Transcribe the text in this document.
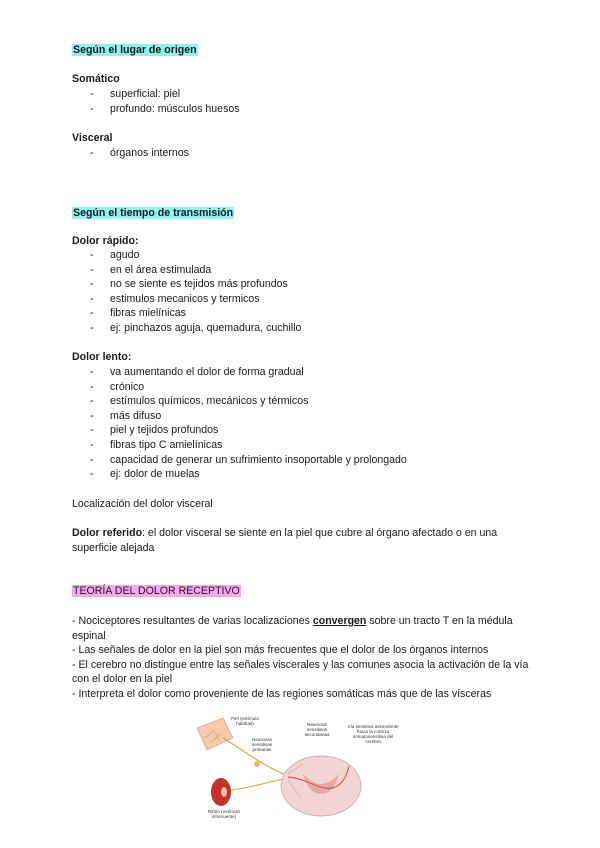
Según el lugar de origen
Somático
- superficial: piel
- profundo: músculos huesos
Visceral
- órganos internos
Según el tiempo de transmisión
Dolor rápido:
- agudo
- en el área estimulada
- no se siente es tejidos más profundos
- estimulos mecanicos y termicos
- fibras mielínicas
- ej: pinchazos aguja, quemadura, cuchillo
Dolor lento:
- va aumentando el dolor de forma gradual
- crónico
- estímulos químicos, mecánicos y térmicos
- más difuso
- piel y tejidos profundos
- fibras tipo C amielínicas
- capacidad de generar un sufrimiento insoportable y prolongado
- ej: dolor de muelas
Localización del dolor visceral

Dolor referido: el dolor visceral se siente en la piel que cubre al órgano afectado o en una superficie alejada

TEORÍA DEL DOLOR RECEPTIVO

- Nociceptores resultantes de varias localizaciones convergen sobre un tracto T en la médula espinal

- Las señales de dolor en la piel son más frecuentes que el dolor de los órganos internos

- El cerebro no distingue entre las señales viscerales y las comunes asocia la activación de la vía con el dolor en la piel

- Interpreta el dolor como proveniente de las regiones somáticas más que de las vísceras

Piel (estímulo habitual)
Neuronas sensitivas primarias
Neuronas sensitivas secundarias
Vía sensitiva ascendente hacia la corteza somatosensitiva del cerebro
Riñón (estímulo infrecuente)
